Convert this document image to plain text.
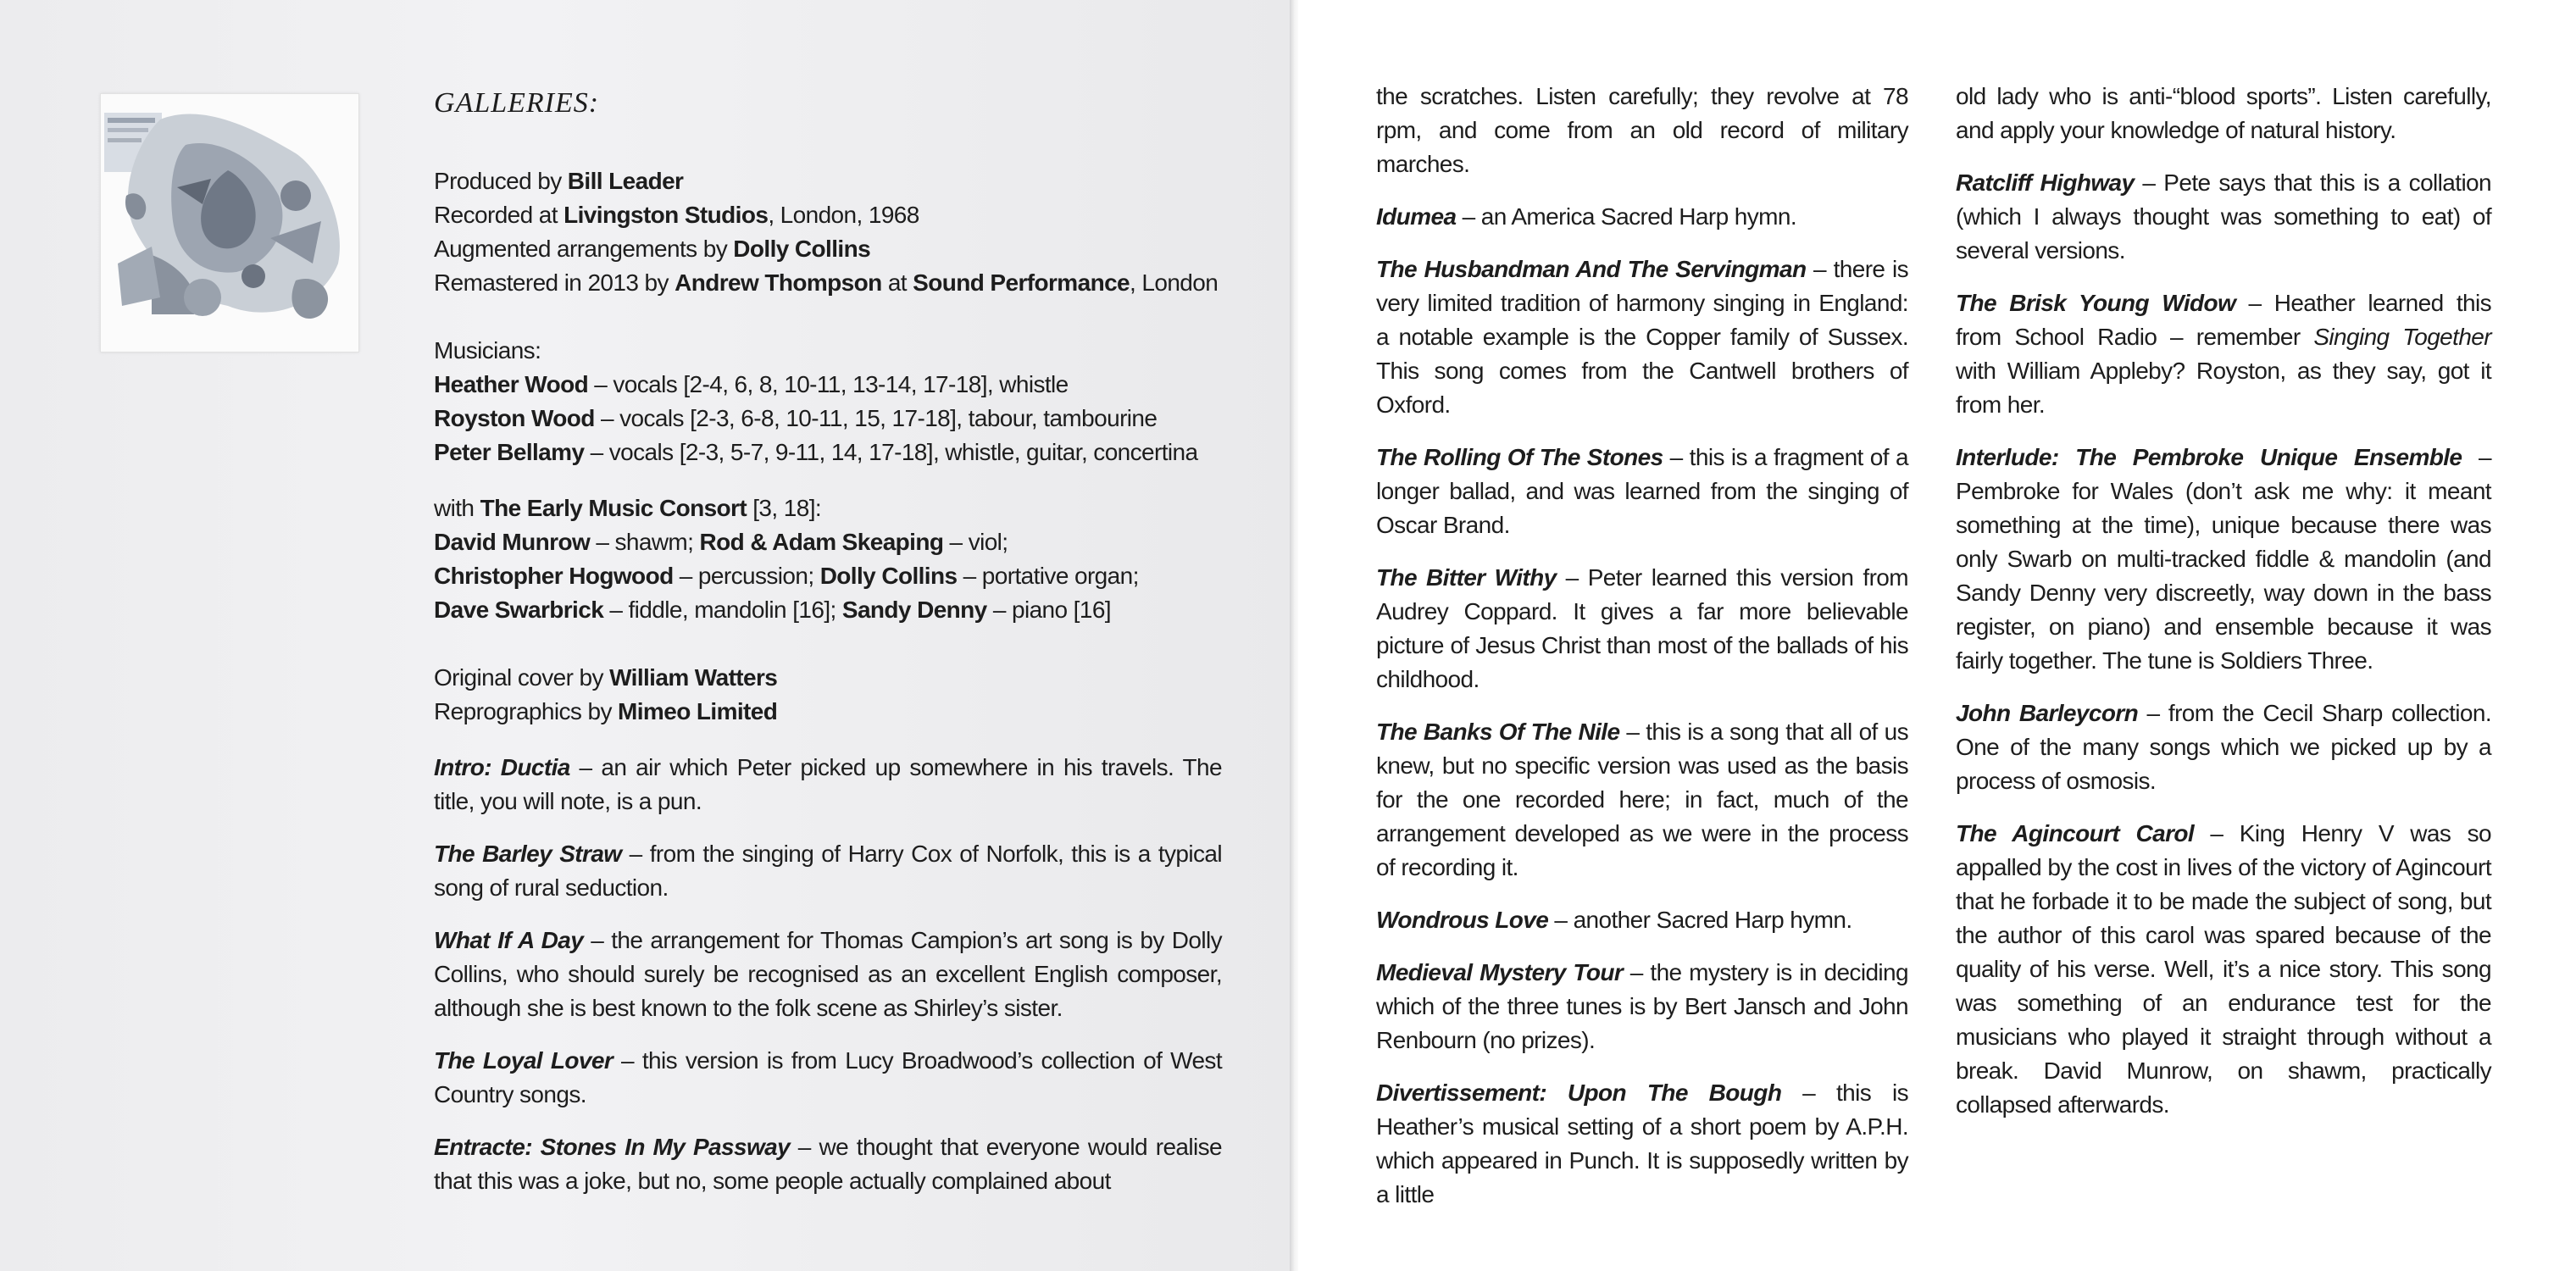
GALLERIES:

Produced by Bill Leader

Recorded at Livingston Studios, London, 1968

Augmented arrangements by Dolly Collins

Remastered in 2013 by Andrew Thompson at Sound Performance, London

Musicians:

Heather Wood – vocals [2-4, 6, 8, 10-11, 13-14, 17-18], whistle

Royston Wood – vocals [2-3, 6-8, 10-11, 15, 17-18], tabour, tambourine

Peter Bellamy – vocals [2-3, 5-7, 9-11, 14, 17-18], whistle, guitar, concertina

with The Early Music Consort [3, 18]:

David Munrow – shawm; Rod & Adam Skeaping – viol;

Christopher Hogwood – percussion; Dolly Collins – portative organ;

Dave Swarbrick – fiddle, mandolin [16]; Sandy Denny – piano [16]

Original cover by William Watters

Reprographics by Mimeo Limited

Intro: Ductia – an air which Peter picked up somewhere in his travels. The title, you will note, is a pun.

The Barley Straw – from the singing of Harry Cox of Norfolk, this is a typical song of rural seduction.

What If A Day – the arrangement for Thomas Campion’s art song is by Dolly Collins, who should surely be recognised as an excellent English composer, although she is best known to the folk scene as Shirley’s sister.

The Loyal Lover – this version is from Lucy Broadwood’s collection of West Country songs.

Entracte: Stones In My Passway – we thought that everyone would realise that this was a joke, but no, some people actually complained about

the scratches. Listen carefully; they revolve at 78 rpm, and come from an old record of military marches.

Idumea – an America Sacred Harp hymn.

The Husbandman And The Servingman – there is very limited tradition of harmony singing in England: a notable example is the Copper family of Sussex. This song comes from the Cantwell brothers of Oxford.

The Rolling Of The Stones – this is a fragment of a longer ballad, and was learned from the singing of Oscar Brand.

The Bitter Withy – Peter learned this version from Audrey Coppard. It gives a far more believable picture of Jesus Christ than most of the ballads of his childhood.

The Banks Of The Nile – this is a song that all of us knew, but no specific version was used as the basis for the one recorded here; in fact, much of the arrangement developed as we were in the process of recording it.

Wondrous Love – another Sacred Harp hymn.

Medieval Mystery Tour – the mystery is in deciding which of the three tunes is by Bert Jansch and John Renbourn (no prizes).

Divertissement: Upon The Bough – this is Heather’s musical setting of a short poem by A.P.H. which appeared in Punch. It is supposedly written by a little

old lady who is anti-“blood sports”. Listen carefully, and apply your knowledge of natural history.

Ratcliff Highway – Pete says that this is a collation (which I always thought was something to eat) of several versions.

The Brisk Young Widow – Heather learned this from School Radio – remember Singing Together with William Appleby? Royston, as they say, got it from her.

Interlude: The Pembroke Unique Ensemble – Pembroke for Wales (don’t ask me why: it meant something at the time), unique because there was only Swarb on multi-tracked fiddle & mandolin (and Sandy Denny very discreetly, way down in the bass register, on piano) and ensemble because it was fairly together. The tune is Soldiers Three.

John Barleycorn – from the Cecil Sharp collection. One of the many songs which we picked up by a process of osmosis.

The Agincourt Carol – King Henry V was so appalled by the cost in lives of the victory of Agincourt that he forbade it to be made the subject of song, but the author of this carol was spared because of the quality of his verse. Well, it’s a nice story. This song was something of an endurance test for the musicians who played it straight through without a break. David Munrow, on shawm, practically collapsed afterwards.
